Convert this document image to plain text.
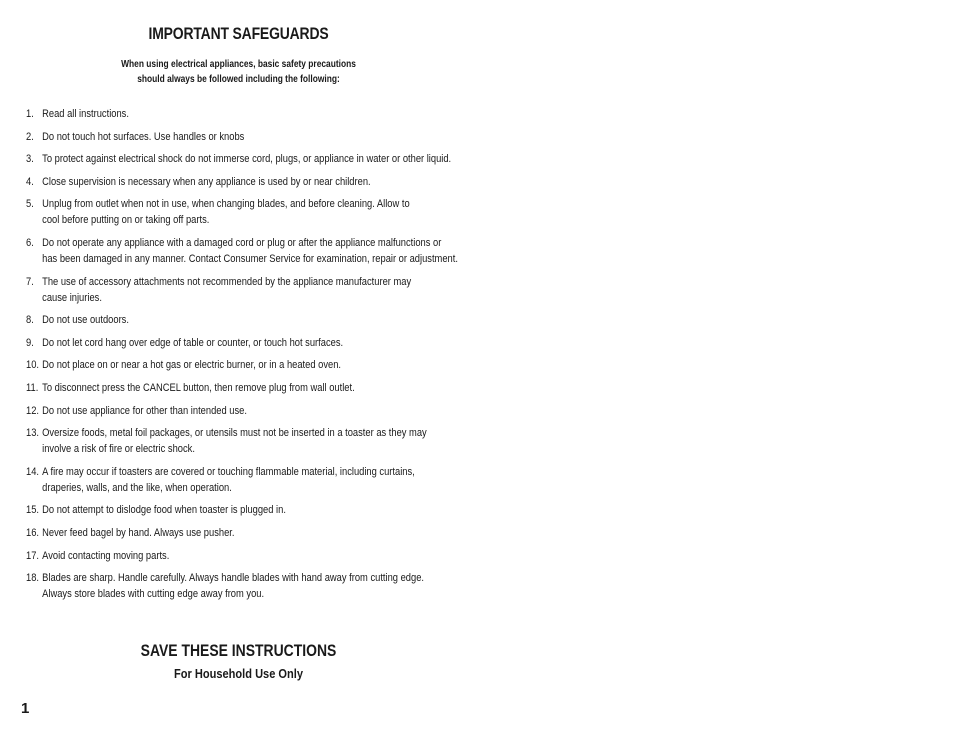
IMPORTANT SAFEGUARDS
When using electrical appliances, basic safety precautions
should always be followed including the following:
1. Read all instructions.
2. Do not touch hot surfaces. Use handles or knobs
3. To protect against electrical shock do not immerse cord, plugs, or appliance in water or other liquid.
4. Close supervision is necessary when any appliance is used by or near children.
5. Unplug from outlet when not in use, when changing blades, and before cleaning. Allow to
cool before putting on or taking off parts.
6. Do not operate any appliance with a damaged cord or plug or after the appliance malfunctions or
has been damaged in any manner. Contact Consumer Service for examination, repair or adjustment.
7. The use of accessory attachments not recommended by the appliance manufacturer may
cause injuries.
8. Do not use outdoors.
9. Do not let cord hang over edge of table or counter, or touch hot surfaces.
10. Do not place on or near a hot gas or electric burner, or in a heated oven.
11. To disconnect press the CANCEL button, then remove plug from wall outlet.
12. Do not use appliance for other than intended use.
13. Oversize foods, metal foil packages, or utensils must not be inserted in a toaster as they may
involve a risk of fire or electric shock.
14. A fire may occur if toasters are covered or touching flammable material, including curtains,
draperies, walls, and the like, when operation.
15. Do not attempt to dislodge food when toaster is plugged in.
16. Never feed bagel by hand. Always use pusher.
17. Avoid contacting moving parts.
18. Blades are sharp. Handle carefully. Always handle blades with hand away from cutting edge.
Always store blades with cutting edge away from you.
SAVE THESE INSTRUCTIONS
For Household Use Only
1
